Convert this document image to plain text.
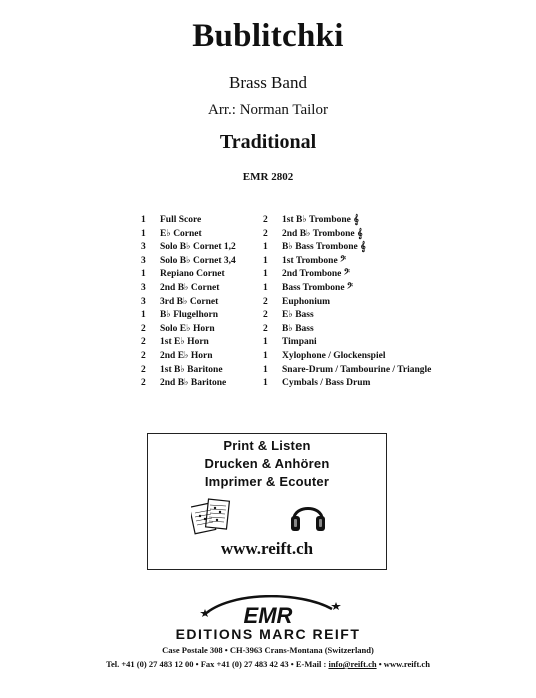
Bublitchki
Brass Band
Arr.: Norman Tailor
Traditional
EMR 2802
1	Full Score
1	E♭ Cornet
3	Solo B♭ Cornet 1,2
3	Solo B♭ Cornet 3,4
1	Repiano Cornet
3	2nd B♭ Cornet
3	3rd B♭ Cornet
1	B♭ Flugelhorn
2	Solo E♭ Horn
2	1st E♭ Horn
2	2nd E♭ Horn
2	1st B♭ Baritone
2	2nd B♭ Baritone
2	1st B♭ Trombone 𝄞
2	2nd B♭ Trombone 𝄞
1	B♭ Bass Trombone 𝄞
1	1st Trombone 𝄢
1	2nd Trombone 𝄢
1	Bass Trombone 𝄢
2	Euphonium
2	E♭ Bass
2	B♭ Bass
1	Timpani
1	Xylophone / Glockenspiel
1	Snare-Drum / Tambourine / Triangle
1	Cymbals / Bass Drum
Print & Listen
Drucken & Anhören
Imprimer & Ecouter
www.reift.ch
EMR
EDITIONS MARC REIFT
Case Postale 308 • CH-3963 Crans-Montana (Switzerland)
Tel. +41 (0) 27 483 12 00 • Fax +41 (0) 27 483 42 43 • E-Mail : info@reift.ch • www.reift.ch
